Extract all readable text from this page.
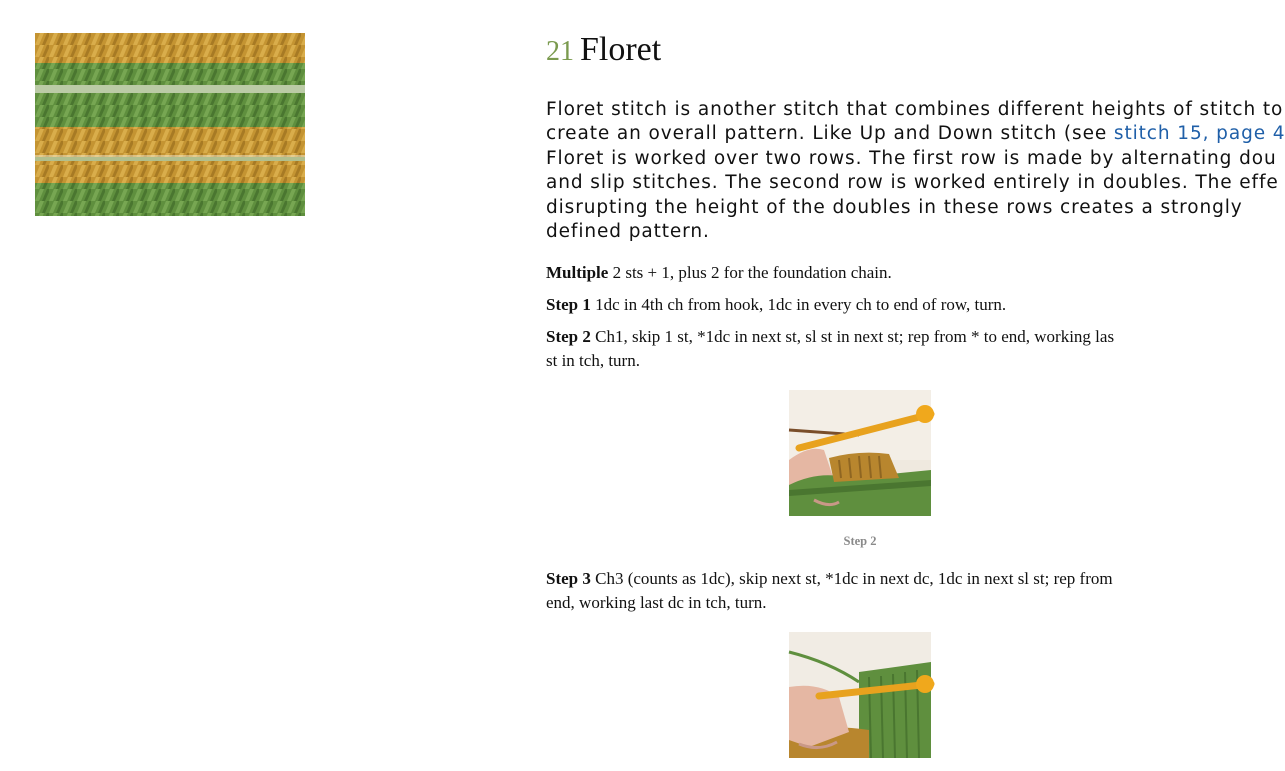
21 Floret
Floret stitch is another stitch that combines different heights of stitch to
create an overall pattern. Like Up and Down stitch (see stitch 15, page 4
Floret is worked over two rows. The first row is made by alternating dou
and slip stitches. The second row is worked entirely in doubles. The effe
disrupting the height of the doubles in these rows creates a strongly
defined pattern.
Multiple 2 sts + 1, plus 2 for the foundation chain.
Step 1 1dc in 4th ch from hook, 1dc in every ch to end of row, turn.
Step 2 Ch1, skip 1 st, *1dc in next st, sl st in next st; rep from * to end, working las
st in tch, turn.
Step 2
Step 3 Ch3 (counts as 1dc), skip next st, *1dc in next dc, 1dc in next sl st; rep from
end, working last dc in tch, turn.
